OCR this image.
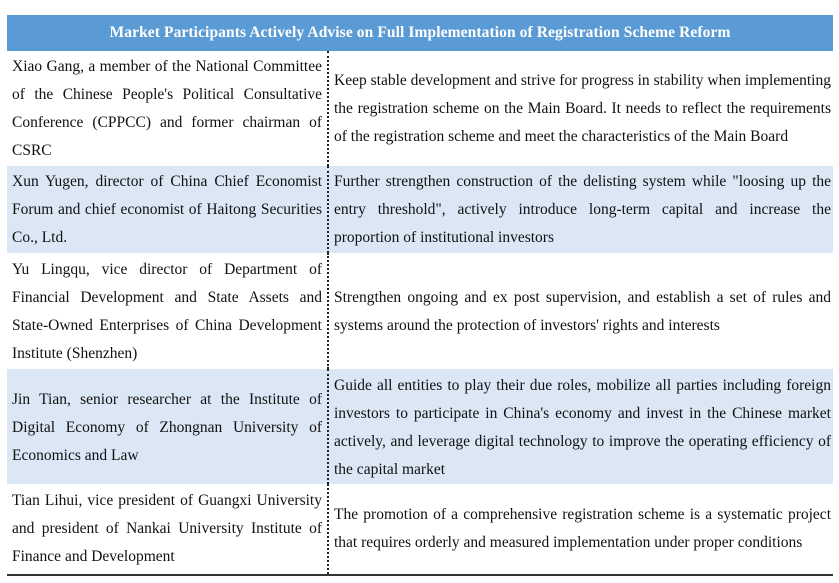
Market Participants Actively Advise on Full Implementation of Registration Scheme Reform
Xiao Gang, a member of the National Committee of the Chinese People's Political Consultative Conference (CPPCC) and former chairman of CSRC	Keep stable development and strive for progress in stability when implementing the registration scheme on the Main Board. It needs to reflect the requirements of the registration scheme and meet the characteristics of the Main Board
Xun Yugen, director of China Chief Economist Forum and chief economist of Haitong Securities Co., Ltd.	Further strengthen construction of the delisting system while "loosing up the entry threshold", actively introduce long-term capital and increase the proportion of institutional investors
Yu Lingqu, vice director of Department of Financial Development and State Assets and State-Owned Enterprises of China Development Institute (Shenzhen)	Strengthen ongoing and ex post supervision, and establish a set of rules and systems around the protection of investors' rights and interests
Jin Tian, senior researcher at the Institute of Digital Economy of Zhongnan University of Economics and Law	Guide all entities to play their due roles, mobilize all parties including foreign investors to participate in China's economy and invest in the Chinese market actively, and leverage digital technology to improve the operating efficiency of the capital market
Tian Lihui, vice president of Guangxi University and president of Nankai University Institute of Finance and Development	The promotion of a comprehensive registration scheme is a systematic project that requires orderly and measured implementation under proper conditions
